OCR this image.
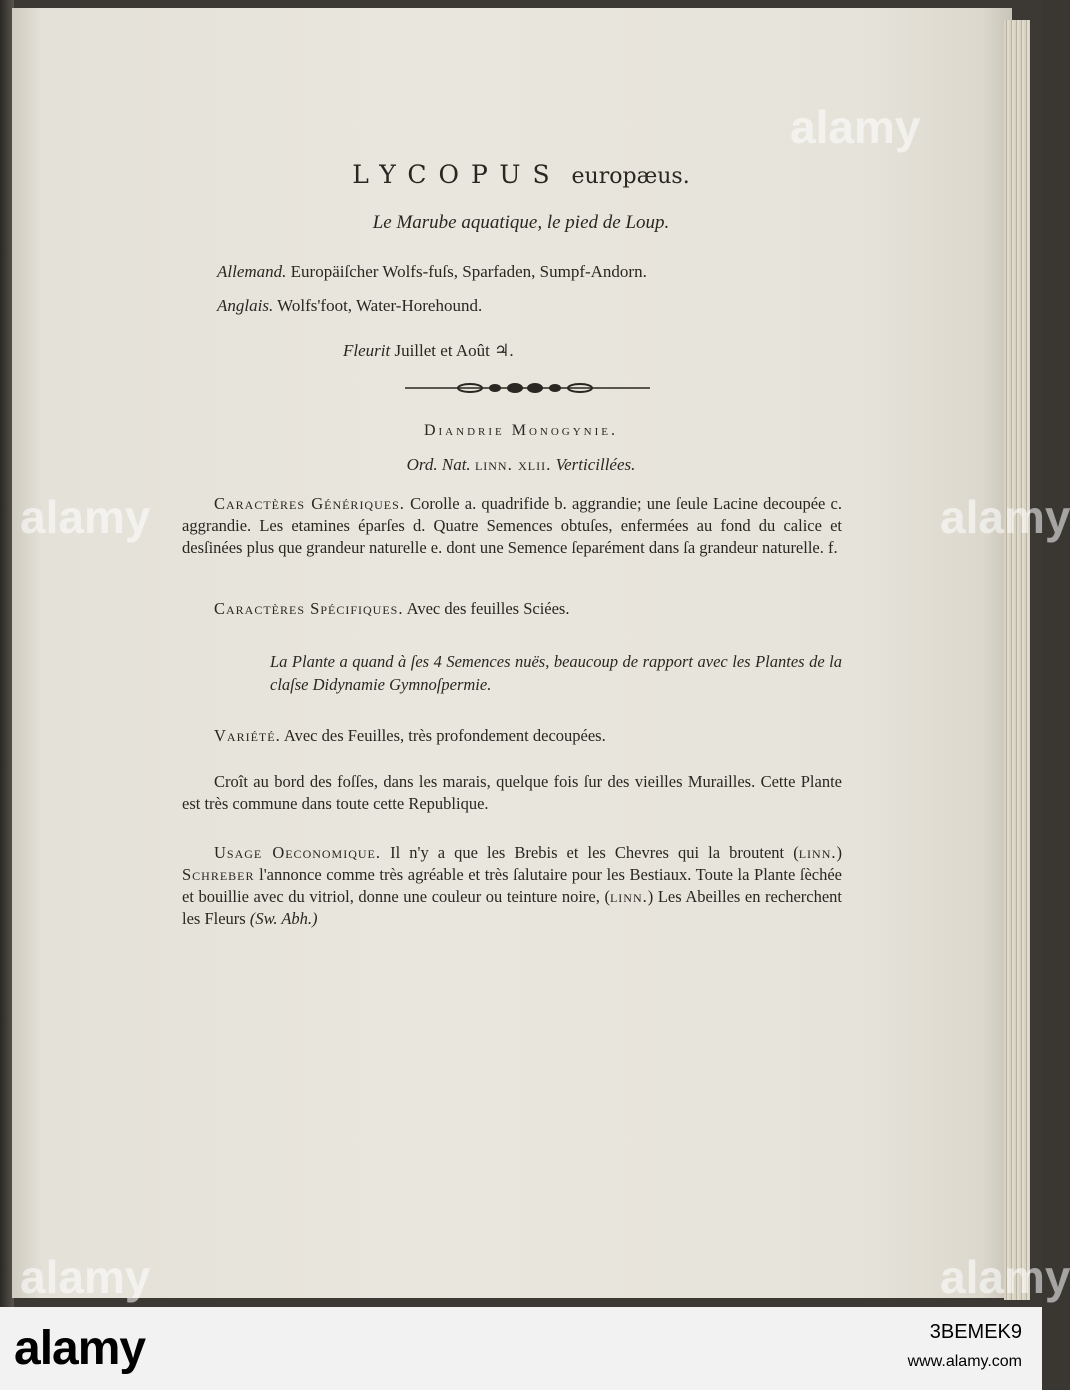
LYCOPUS europæus.
Le Marube aquatique, le pied de Loup.
Allemand. Europäiſcher Wolfs-fuſs, Sparfaden, Sumpf-Andorn.
Anglais. Wolfs'foot, Water-Horehound.
Fleurit Juillet et Août ♃.
Diandrie Monogynie.
Ord. Nat. linn. xlii. Verticillées.
Caractères Génériques. Corolle a. quadrifide b. aggrandie; une ſeule Lacine decoupée c. aggrandie. Les etamines éparſes d. Quatre Semences obtuſes, enfermées au fond du calice et desſinées plus que grandeur naturelle e. dont une Semence ſeparément dans ſa grandeur naturelle. f.
Caractères Spécifiques. Avec des feuilles Sciées.
La Plante a quand à ſes 4 Semences nuës, beaucoup de rapport avec les Plantes de la claſse Didynamie Gymnoſpermie.
Variété. Avec des Feuilles, très profondement decoupées.
Croît au bord des foſſes, dans les marais, quelque fois ſur des vieilles Murailles. Cette Plante est très commune dans toute cette Republique.
Usage Oeconomique. Il n'y a que les Brebis et les Chevres qui la broutent (linn.) Schreber l'annonce comme très agréable et très ſalutaire pour les Bestiaux. Toute la Plante ſèchée et bouillie avec du vitriol, donne une couleur ou teinture noire, (linn.) Les Abeilles en recherchent les Fleurs (Sw. Abh.)
alamy
alamy	alamy
alamy	alamy
alamy	3BEMEK9
www.alamy.com
